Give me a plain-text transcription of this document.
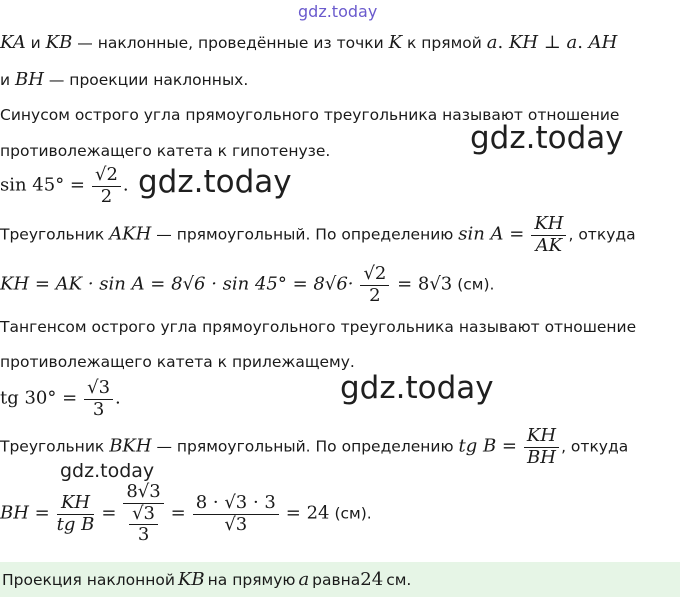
gdz.today
gdz.today
gdz.today
gdz.today
gdz.today
KA и KB — наклонные, проведённые из точки K к прямой a. KH ⊥ a. AH
и BH — проекции наклонных.
Синусом острого угла прямоугольного треугольника называют отношение
противолежащего катета к гипотенузе.
$\sin 45^\circ = \frac{√2}{2}$ .
Треугольник AKH — прямоугольный. По определению $\sin A = \frac{KH}{AK}$ , откуда
KH = AK · $\sin A = 8√6 \cdot \sin 45^\circ = 8√6\cdot \frac{√2}{2} = 8√3$ (см).
Тангенсом острого угла прямоугольного треугольника называют отношение
противолежащего катета к прилежащему.
tg $30^\circ = \frac{√3}{3}$ .
Треугольник BKH — прямоугольный. По определению tg $B = \frac{KH}{BH}$ , откуда
BH = $\frac{KH}{\text{tg B}} = \frac{8√3}{\frac{√3}{3}} = \frac{8 \cdot √3 \cdot 3}{√3} = 24$ (см).
Проекция наклонной KB на прямую a равна 24 см.
